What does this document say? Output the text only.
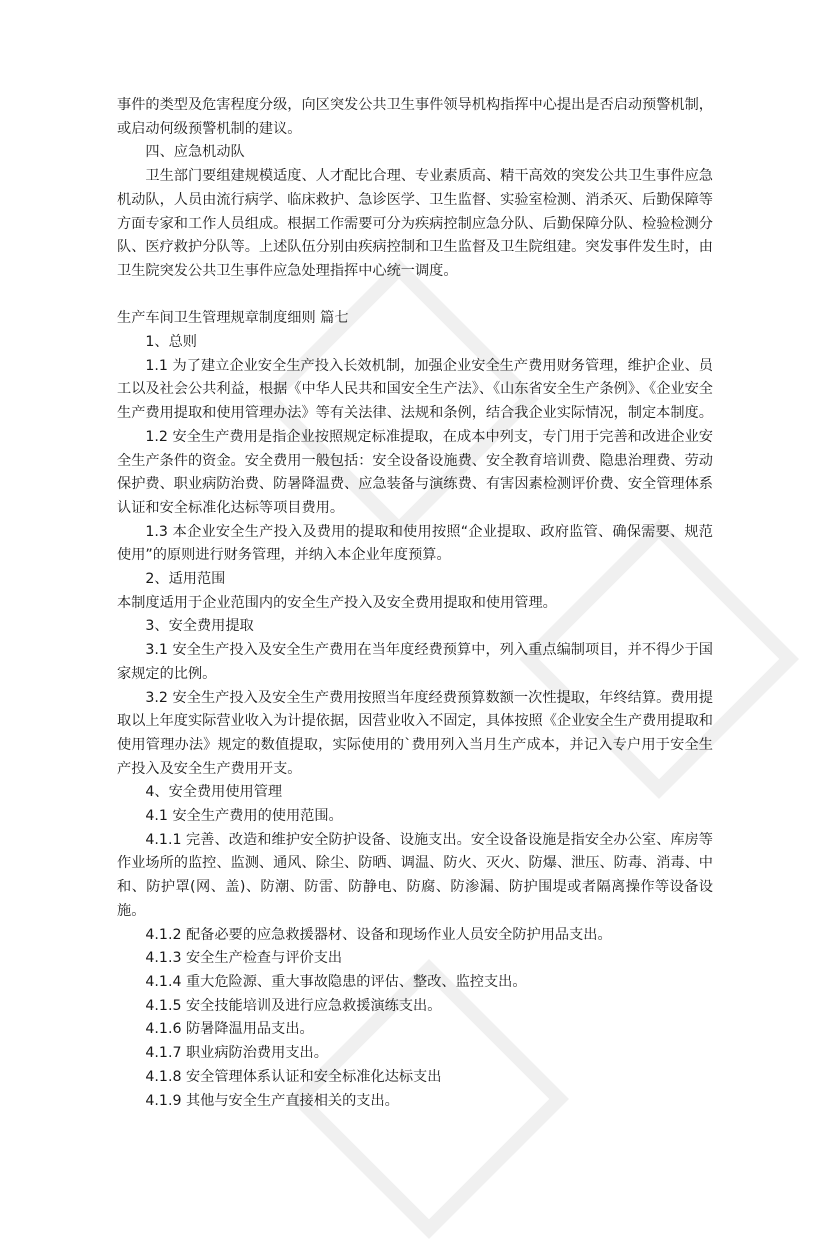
事件的类型及危害程度分级，向区突发公共卫生事件领导机构指挥中心提出是否启动预警机制，或启动何级预警机制的建议。

四、应急机动队

卫生部门要组建规模适度、人才配比合理、专业素质高、精干高效的突发公共卫生事件应急机动队，人员由流行病学、临床救护、急诊医学、卫生监督、实验室检测、消杀灭、后勤保障等方面专家和工作人员组成。根据工作需要可分为疾病控制应急分队、后勤保障分队、检验检测分队、医疗救护分队等。上述队伍分别由疾病控制和卫生监督及卫生院组建。突发事件发生时，由卫生院突发公共卫生事件应急处理指挥中心统一调度。

生产车间卫生管理规章制度细则 篇七

1、总则

1.1 为了建立企业安全生产投入长效机制，加强企业安全生产费用财务管理，维护企业、员工以及社会公共利益，根据《中华人民共和国安全生产法》、《山东省安全生产条例》、《企业安全生产费用提取和使用管理办法》等有关法律、法规和条例，结合我企业实际情况，制定本制度。

1.2 安全生产费用是指企业按照规定标准提取，在成本中列支，专门用于完善和改进企业安全生产条件的资金。安全费用一般包括：安全设备设施费、安全教育培训费、隐患治理费、劳动保护费、职业病防治费、防暑降温费、应急装备与演练费、有害因素检测评价费、安全管理体系认证和安全标准化达标等项目费用。

1.3 本企业安全生产投入及费用的提取和使用按照“企业提取、政府监管、确保需要、规范使用”的原则进行财务管理，并纳入本企业年度预算。

2、适用范围

本制度适用于企业范围内的安全生产投入及安全费用提取和使用管理。

3、安全费用提取

3.1 安全生产投入及安全生产费用在当年度经费预算中，列入重点编制项目，并不得少于国家规定的比例。

3.2 安全生产投入及安全生产费用按照当年度经费预算数额一次性提取，年终结算。费用提取以上年度实际营业收入为计提依据，因营业收入不固定，具体按照《企业安全生产费用提取和使用管理办法》规定的数值提取，实际使用的`费用列入当月生产成本，并记入专户用于安全生产投入及安全生产费用开支。

4、安全费用使用管理

4.1 安全生产费用的使用范围。

4.1.1 完善、改造和维护安全防护设备、设施支出。安全设备设施是指安全办公室、库房等作业场所的监控、监测、通风、除尘、防晒、调温、防火、灭火、防爆、泄压、防毒、消毒、中和、防护罩(网、盖)、防潮、防雷、防静电、防腐、防渗漏、防护围堤或者隔离操作等设备设施。

4.1.2 配备必要的应急救援器材、设备和现场作业人员安全防护用品支出。

4.1.3 安全生产检查与评价支出

4.1.4 重大危险源、重大事故隐患的评估、整改、监控支出。

4.1.5 安全技能培训及进行应急救援演练支出。

4.1.6 防暑降温用品支出。

4.1.7 职业病防治费用支出。

4.1.8 安全管理体系认证和安全标准化达标支出

4.1.9 其他与安全生产直接相关的支出。
